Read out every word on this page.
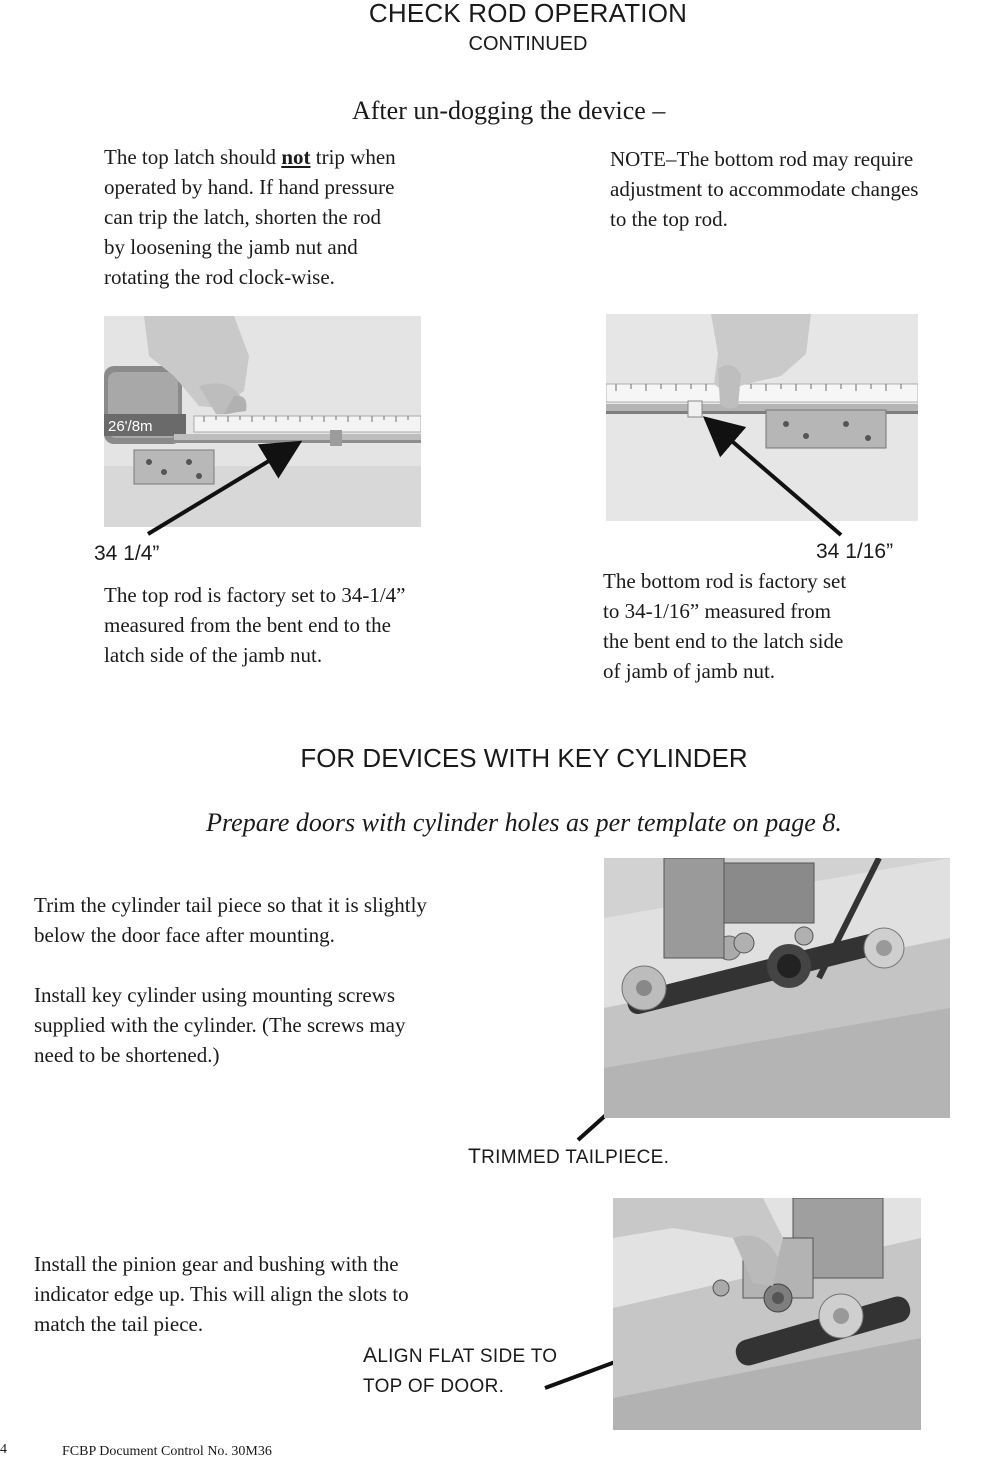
CHECK ROD OPERATION
CONTINUED
After un-dogging the device –
The top latch should not trip when
operated by hand. If hand pressure
can trip the latch, shorten the rod
by loosening the jamb nut and
rotating the rod clock-wise.
NOTE–The bottom rod may require
adjustment to accommodate changes
to the top rod.
26'/8m
34 1/4”	34 1/16”
The top rod is factory set to 34-1/4”
measured from the bent end to the
latch side of the jamb nut.
The bottom rod is factory set
to 34-1/16” measured from
the bent end to the latch side
of jamb of jamb nut.
FOR DEVICES WITH KEY CYLINDER
Prepare doors with cylinder holes as per template on page 8.
Trim the cylinder tail piece so that it is slightly
below the door face after mounting.
Install key cylinder using mounting screws
supplied with the cylinder. (The screws may
need to be shortened.)
TRIMMED TAILPIECE.
Install the pinion gear and bushing with the
indicator edge up. This will align the slots to
match the tail piece.
ALIGN FLAT SIDE TO
TOP OF DOOR.
4	FCBP Document Control No. 30M36
